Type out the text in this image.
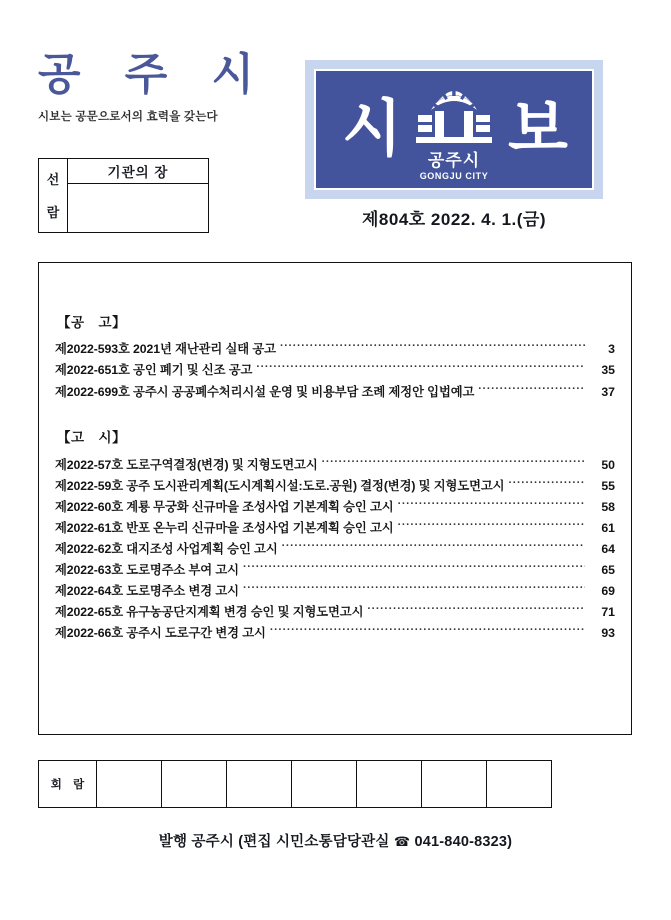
공 주 시
시보는 공문으로서의 효력을 갖는다
선
람
	기관의 장

시 공주시
GONGJU CITY
보
제804호 2022. 4. 1.(금)
【공 고】
제2022-593호 2021년 재난관리 실태 공고 ·····	3
제2022-651호 공인 폐기 및 신조 공고 ·····	35
제2022-699호 공주시 공공폐수처리시설 운영 및 비용부담 조례 제정안 입법예고 ·····	37
【고 시】
제2022-57호 도로구역결정(변경) 및 지형도면고시 ·····	50
제2022-59호 공주 도시관리계획(도시계획시설:도로.공원) 결정(변경) 및 지형도면고시 ·····	55
제2022-60호 계룡 무궁화 신규마을 조성사업 기본계획 승인 고시 ·····	58
제2022-61호 반포 온누리 신규마을 조성사업 기본계획 승인 고시 ·····	61
제2022-62호 대지조성 사업계획 승인 고시 ·····	64
제2022-63호 도로명주소 부여 고시 ·····	65
제2022-64호 도로명주소 변경 고시 ·····	69
제2022-65호 유구농공단지계획 변경 승인 및 지형도면고시 ·····	71
제2022-66호 공주시 도로구간 변경 고시 ·····	93
회 람							
발행 공주시 (편집 시민소통담당관실 ☎ 041-840-8323)
